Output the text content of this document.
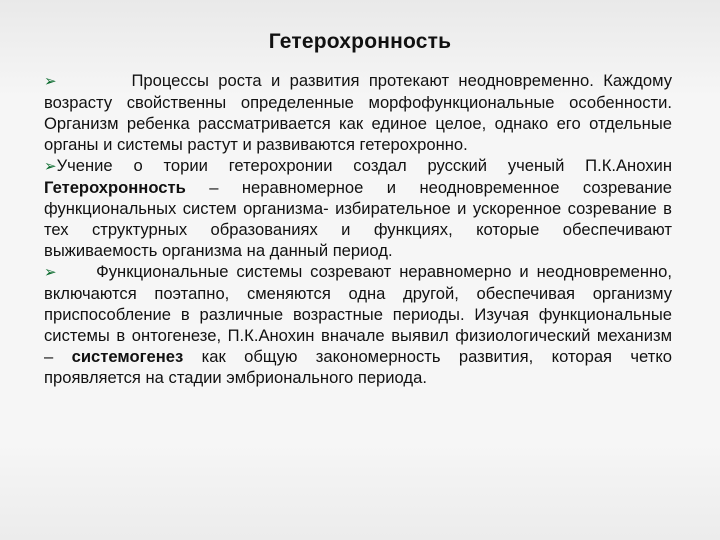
Гетерохронность

➢	Процессы роста и развития протекают неодновременно. Каждому возрасту свойственны определенные морфофункциональные особенности. Организм ребенка рассматривается как единое целое, однако его отдельные органы и системы растут и развиваются гетерохронно.

➢Учение о тории гетерохронии создал русский ученый П.К.Анохин Гетерохронность – неравномерное и неодновременное созревание функциональных систем организма- избирательное и ускоренное созревание в тех структурных образованиях и функциях, которые обеспечивают выживаемость организма на данный период.

➢ Функциональные системы созревают неравномерно и неодновременно, включаются поэтапно, сменяются одна другой, обеспечивая организму приспособление в различные возрастные периоды. Изучая функциональные системы в онтогенезе, П.К.Анохин вначале выявил физиологический механизм – системогенез как общую закономерность развития, которая четко проявляется на стадии эмбрионального периода.
